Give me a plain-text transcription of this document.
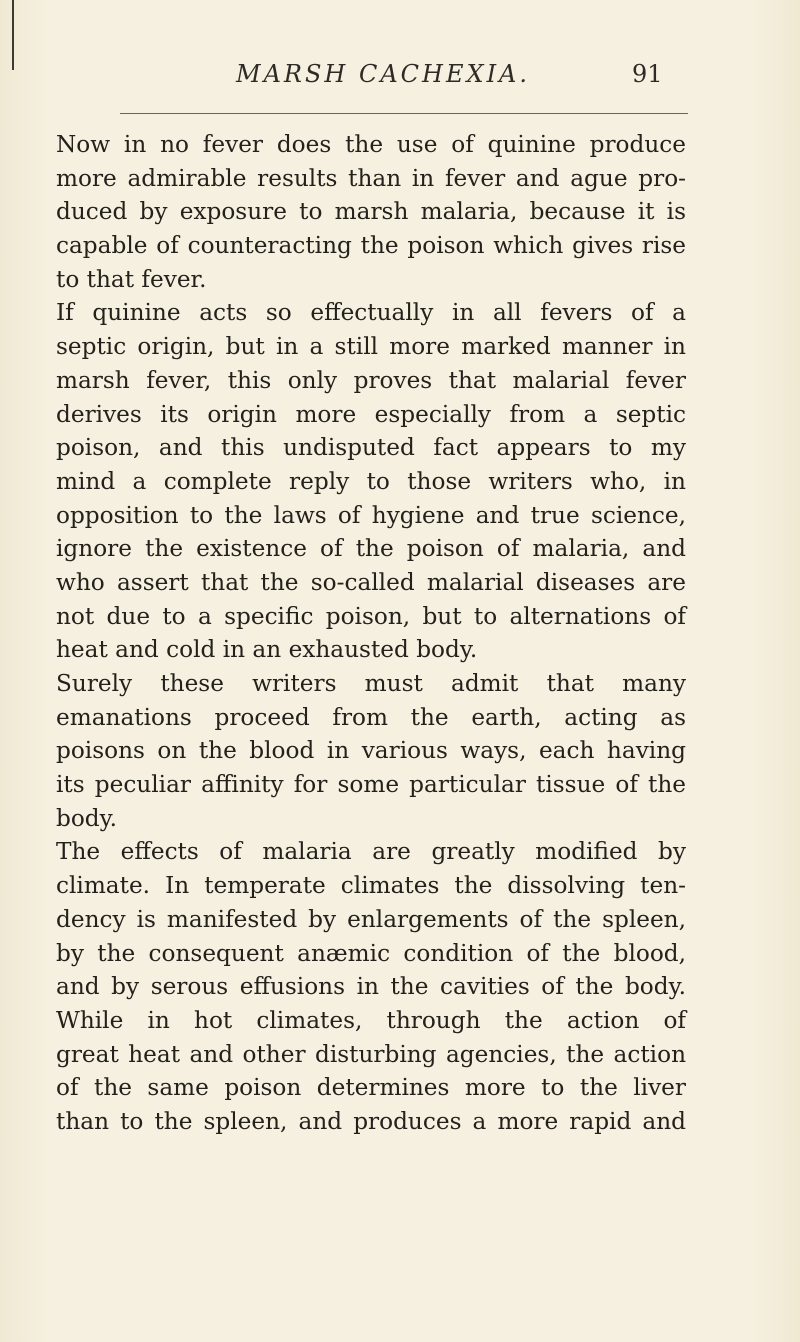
MARSH CACHEXIA.	91
Now in no fever does the use of quinine produce
more admirable results than in fever and ague pro-
duced by exposure to marsh malaria, because it is
capable of counteracting the poison which gives rise
to that fever.
If quinine acts so effectually in all fevers of a
septic origin, but in a still more marked manner in
marsh fever, this only proves that malarial fever
derives its origin more especially from a septic
poison, and this undisputed fact appears to my
mind a complete reply to those writers who, in
opposition to the laws of hygiene and true science,
ignore the existence of the poison of malaria, and
who assert that the so-called malarial diseases are
not due to a specific poison, but to alternations of
heat and cold in an exhausted body.
Surely these writers must admit that many
emanations proceed from the earth, acting as
poisons on the blood in various ways, each having
its peculiar affinity for some particular tissue of the
body.
The effects of malaria are greatly modified by
climate. In temperate climates the dissolving ten-
dency is manifested by enlargements of the spleen,
by the consequent anæmic condition of the blood,
and by serous effusions in the cavities of the body.
While in hot climates, through the action of
great heat and other disturbing agencies, the action
of the same poison determines more to the liver
than to the spleen, and produces a more rapid and
